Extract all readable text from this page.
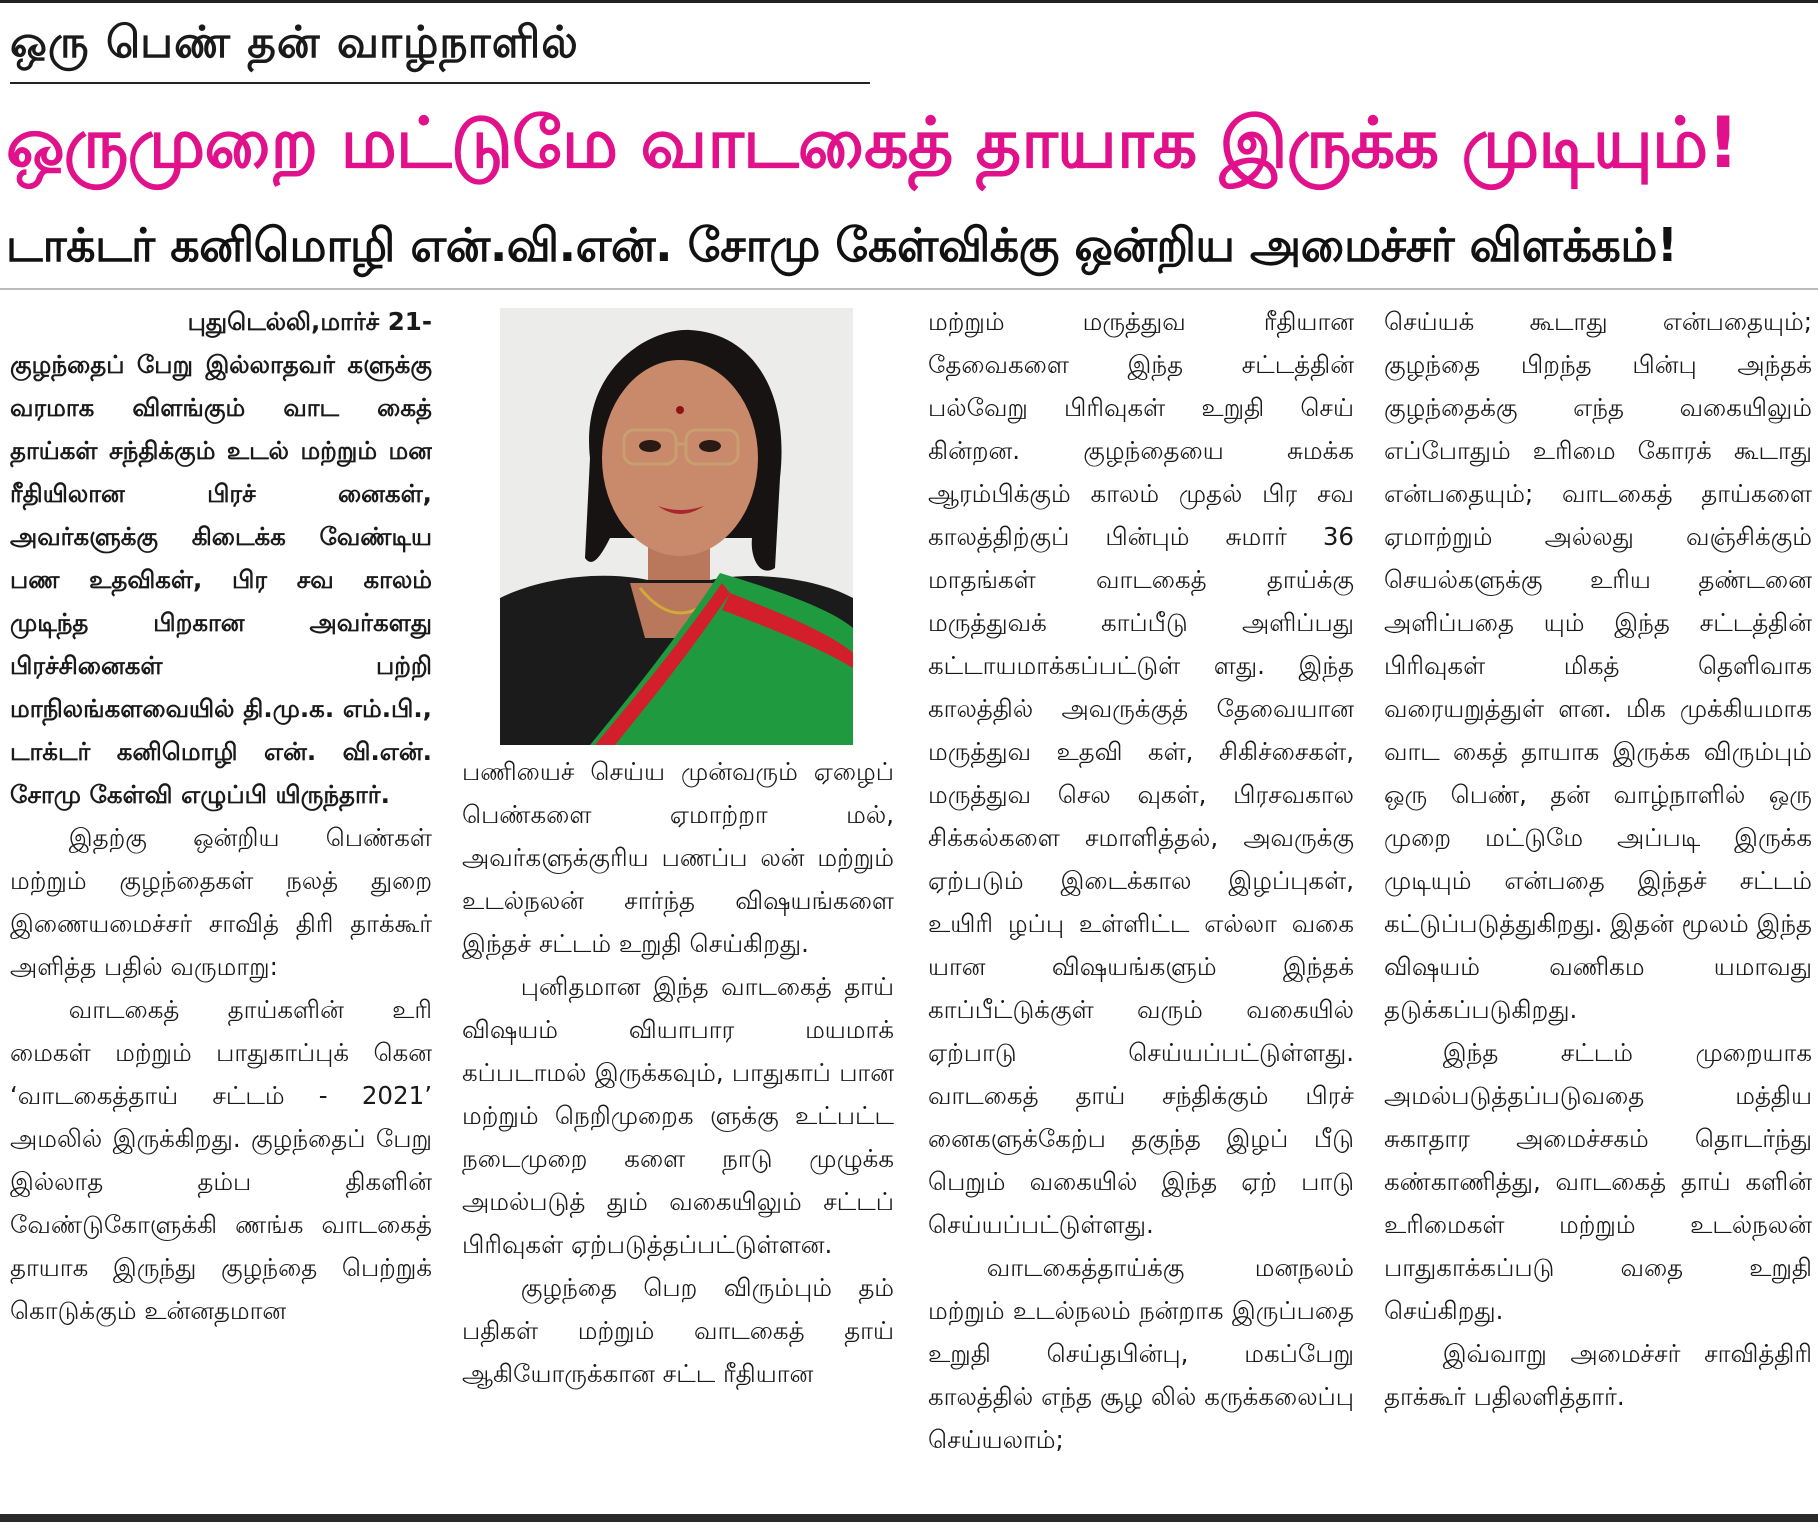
ஒரு பெண் தன் வாழ்நாளில்
ஒருமுறை மட்டுமே வாடகைத் தாயாக இருக்க முடியும்!
டாக்டர் கனிமொழி என்.வி.என். சோமு கேள்விக்கு ஒன்றிய அமைச்சர் விளக்கம்!

புதுடெல்லி,மார்ச் 21-

குழந்தைப் பேறு இல்லாதவர் களுக்கு வரமாக விளங்கும் வாட கைத் தாய்கள் சந்திக்கும் உடல் மற்றும் மன ரீதியிலான பிரச் னைகள், அவர்களுக்கு கிடைக்க வேண்டிய பண உதவிகள், பிர சவ காலம் முடிந்த பிறகான அவர்களது பிரச்சினைகள் பற்றி மாநிலங்களவையில் தி.மு.க. எம்.பி., டாக்டர் கனிமொழி என். வி.என். சோமு கேள்வி எழுப்பி யிருந்தார்.

இதற்கு ஒன்றிய பெண்கள் மற்றும் குழந்தைகள் நலத் துறை இணையமைச்சர் சாவித் திரி தாக்கூர் அளித்த பதில் வருமாறு:

வாடகைத் தாய்களின் உரி மைகள் மற்றும் பாதுகாப்புக் கென ‘வாடகைத்தாய் சட்டம் - 2021’ அமலில் இருக்கிறது. குழந்தைப் பேறு இல்லாத தம்ப திகளின் வேண்டுகோளுக்கி ணங்க வாடகைத் தாயாக இருந்து குழந்தை பெற்றுக் கொடுக்கும் உன்னதமான

பணியைச் செய்ய முன்வரும் ஏழைப் பெண்களை ஏமாற்றா மல், அவர்களுக்குரிய பணப்ப லன் மற்றும் உடல்நலன் சார்ந்த விஷயங்களை இந்தச் சட்டம் உறுதி செய்கிறது.

புனிதமான இந்த வாடகைத் தாய் விஷயம் வியாபார மயமாக் கப்படாமல் இருக்கவும், பாதுகாப் பான மற்றும் நெறிமுறைக ளுக்கு உட்பட்ட நடைமுறை களை நாடு முழுக்க அமல்படுத் தும் வகையிலும் சட்டப் பிரிவுகள் ஏற்படுத்தப்பட்டுள்ளன.

குழந்தை பெற விரும்பும் தம் பதிகள் மற்றும் வாடகைத் தாய் ஆகியோருக்கான சட்ட ரீதியான

மற்றும் மருத்துவ ரீதியான தேவைகளை இந்த சட்டத்தின் பல்வேறு பிரிவுகள் உறுதி செய் கின்றன. குழந்தையை சுமக்க ஆரம்பிக்கும் காலம் முதல் பிர சவ காலத்திற்குப் பின்பும் சுமார் 36 மாதங்கள் வாடகைத் தாய்க்கு மருத்துவக் காப்பீடு அளிப்பது கட்டாயமாக்கப்பட்டுள் ளது. இந்த காலத்தில் அவருக்குத் தேவையான மருத்துவ உதவி கள், சிகிச்சைகள், மருத்துவ செல வுகள், பிரசவகால சிக்கல்களை சமாளித்தல், அவருக்கு ஏற்படும் இடைக்கால இழப்புகள், உயிரி ழப்பு உள்ளிட்ட எல்லா வகை யான விஷயங்களும் இந்தக் காப்பீட்டுக்குள் வரும் வகையில் ஏற்பாடு செய்யப்பட்டுள்ளது. வாடகைத் தாய் சந்திக்கும் பிரச் னைகளுக்கேற்ப தகுந்த இழப் பீடு பெறும் வகையில் இந்த ஏற் பாடு செய்யப்பட்டுள்ளது.

வாடகைத்தாய்க்கு மனநலம் மற்றும் உடல்நலம் நன்றாக இருப்பதை உறுதி செய்தபின்பு, மகப்பேறு காலத்தில் எந்த சூழ லில் கருக்கலைப்பு செய்யலாம்;

செய்யக் கூடாது என்பதையும்; குழந்தை பிறந்த பின்பு அந்தக் குழந்தைக்கு எந்த வகையிலும் எப்போதும் உரிமை கோரக் கூடாது என்பதையும்; வாடகைத் தாய்களை ஏமாற்றும் அல்லது வஞ்சிக்கும் செயல்களுக்கு உரிய தண்டனை அளிப்பதை யும் இந்த சட்டத்தின் பிரிவுகள் மிகத் தெளிவாக வரையறுத்துள் ளன. மிக முக்கியமாக வாட கைத் தாயாக இருக்க விரும்பும் ஒரு பெண், தன் வாழ்நாளில் ஒரு முறை மட்டுமே அப்படி இருக்க முடியும் என்பதை இந்தச் சட்டம் கட்டுப்படுத்துகிறது. இதன் மூலம் இந்த விஷயம் வணிகம யமாவது தடுக்கப்படுகிறது.

இந்த சட்டம் முறையாக அமல்படுத்தப்படுவதை மத்திய சுகாதார அமைச்சகம் தொடர்ந்து கண்காணித்து, வாடகைத் தாய் களின் உரிமைகள் மற்றும் உடல்நலன் பாதுகாக்கப்படு வதை உறுதி செய்கிறது.

இவ்வாறு அமைச்சர் சாவித்திரி தாக்கூர் பதிலளித்தார்.
